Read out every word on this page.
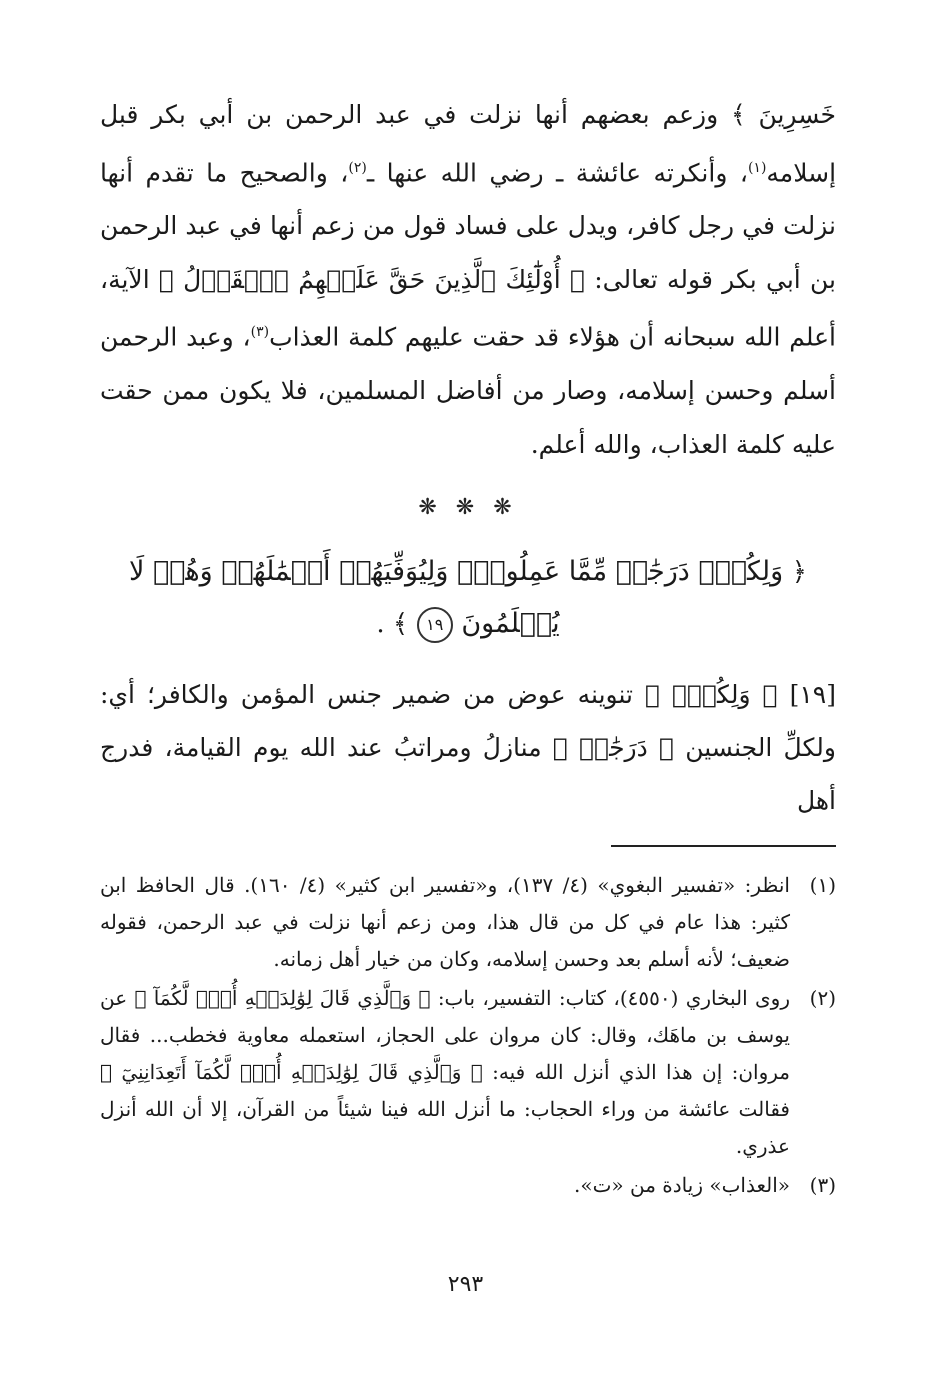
خَسِرِينَ ﴾ وزعم بعضهم أنها نزلت في عبد الرحمن بن أبي بكر قبل إسلامه$^{(١)}$، وأنكرته عائشة ـ رضي الله عنها ـ$^{(٢)}$، والصحيح ما تقدم أنها نزلت في رجل كافر، ويدل على فساد قول من زعم أنها في عبد الرحمن بن أبي بكر قوله تعالى: ﴿ أُوْلَٰٓئِكَ ٱلَّذِينَ حَقَّ عَلَيۡهِمُ ٱلۡقَوۡلُ ﴾ الآية، أعلم الله سبحانه أن هؤلاء قد حقت عليهم كلمة العذاب$^{(٣)}$، وعبد الرحمن أسلم وحسن إسلامه، وصار من أفاضل المسلمين، فلا يكون ممن حقت عليه كلمة العذاب، والله أعلم.

❋ ❋ ❋
﴿ وَلِكُلّٖ دَرَجَٰتٞ مِّمَّا عَمِلُواْۖ وَلِيُوَفِّيَهُمۡ أَعۡمَٰلَهُمۡ وَهُمۡ لَا يُظۡلَمُونَ ١٩ ﴾ .

[١٩] ﴿ وَلِكُلّٖ ﴾ تنوينه عوض من ضمير جنس المؤمن والكافر؛ أي: ولكلِّ الجنسين ﴿ دَرَجَٰتٞ ﴾ منازلُ ومراتبُ عند الله يوم القيامة، فدرج أهل

(١)
انظر: «تفسير البغوي» (٤/ ١٣٧)، و«تفسير ابن كثير» (٤/ ١٦٠). قال الحافظ ابن كثير: هذا عام في كل من قال هذا، ومن زعم أنها نزلت في عبد الرحمن، فقوله ضعيف؛ لأنه أسلم بعد وحسن إسلامه، وكان من خيار أهل زمانه.
(٢)
روى البخاري (٤٥٥٠)، كتاب: التفسير، باب: ﴿ وَٱلَّذِي قَالَ لِوَٰلِدَيۡهِ أُفّٖ لَّكُمَآ ﴾ عن يوسف بن ماهَك، وقال: كان مروان على الحجاز، استعمله معاوية فخطب... فقال مروان: إن هذا الذي أنزل الله فيه: ﴿ وَٱلَّذِي قَالَ لِوَٰلِدَيۡهِ أُفّٖ لَّكُمَآ أَتَعِدَانِنِيٓ ﴾ فقالت عائشة من وراء الحجاب: ما أنزل الله فينا شيئاً من القرآن، إلا أن الله أنزل عذري.
(٣)
«العذاب» زيادة من «ت».
٢٩٣
